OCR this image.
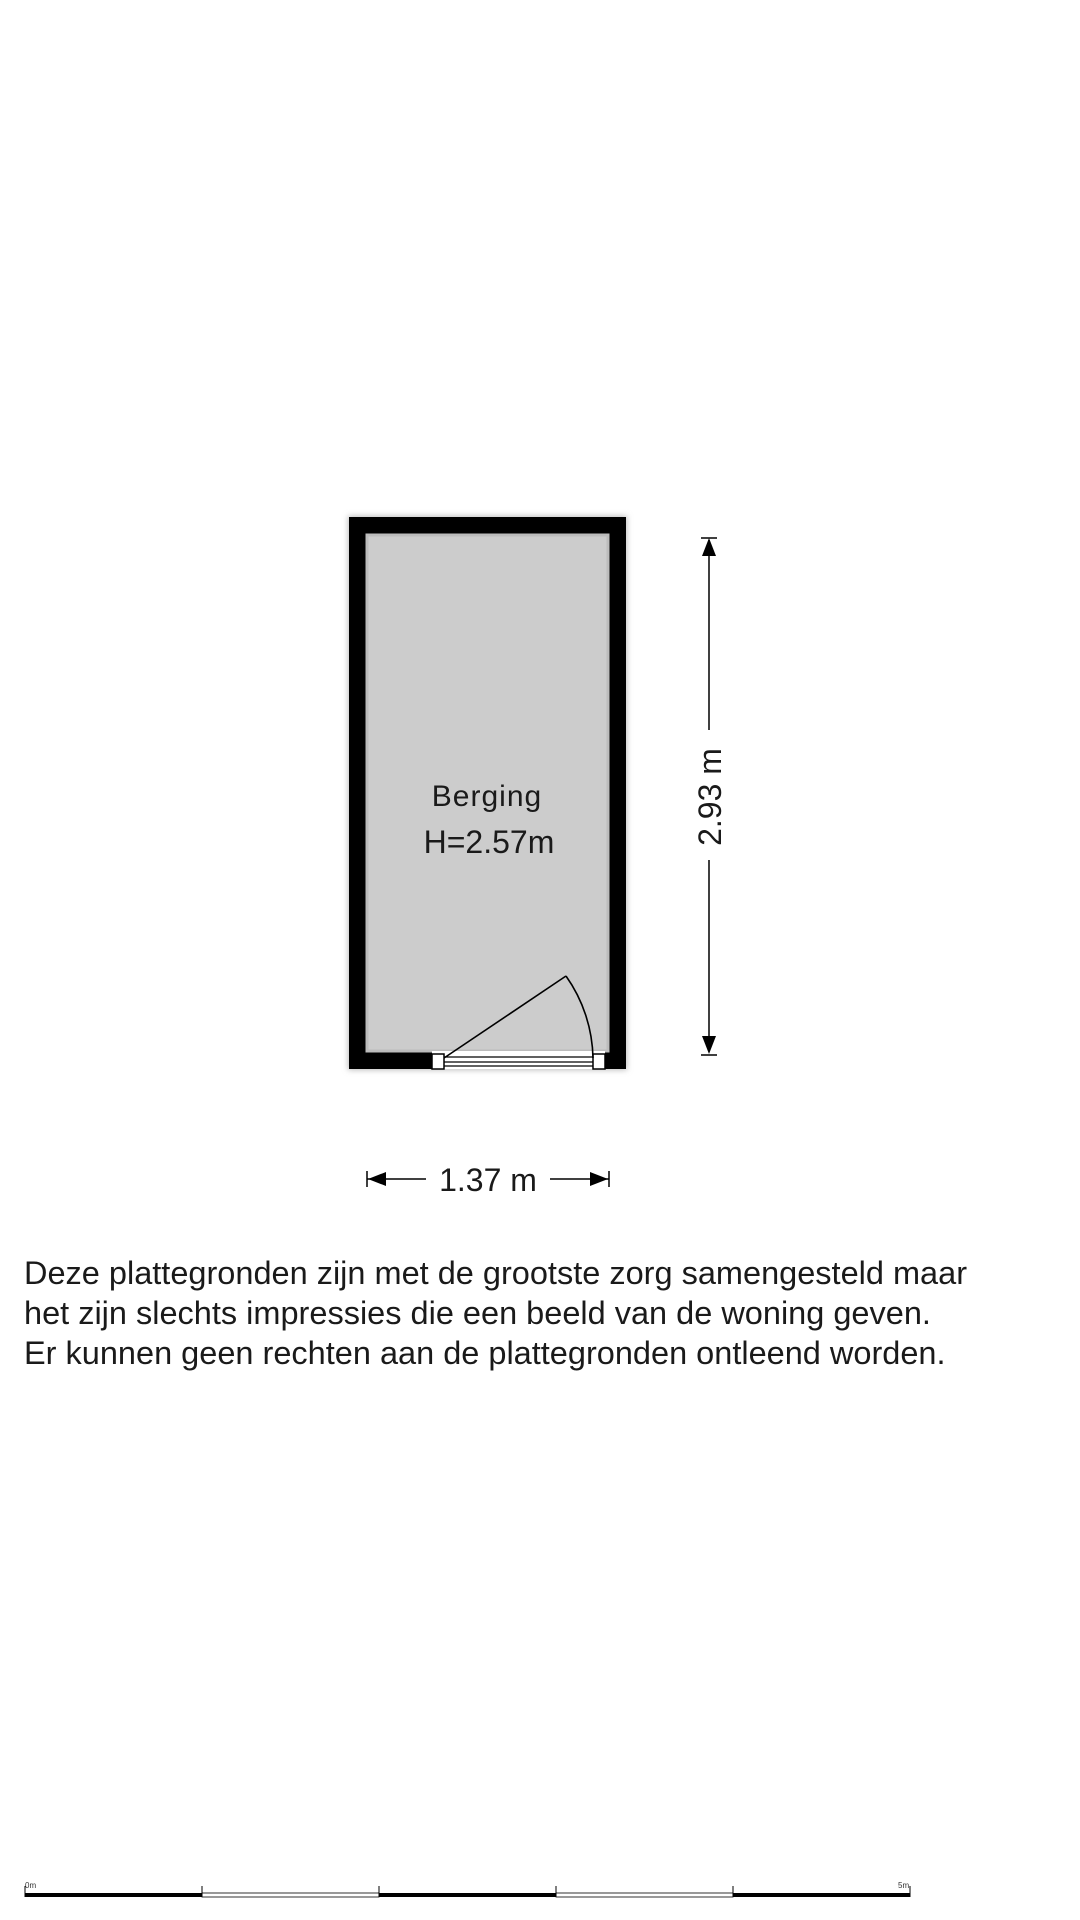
Berging
H=2.57m	2.93 m
1.37 m
0m	5m

Deze plattegronden zijn met de grootste zorg samengesteld maar
het zijn slechts impressies die een beeld van de woning geven.
Er kunnen geen rechten aan de plattegronden ontleend worden.
